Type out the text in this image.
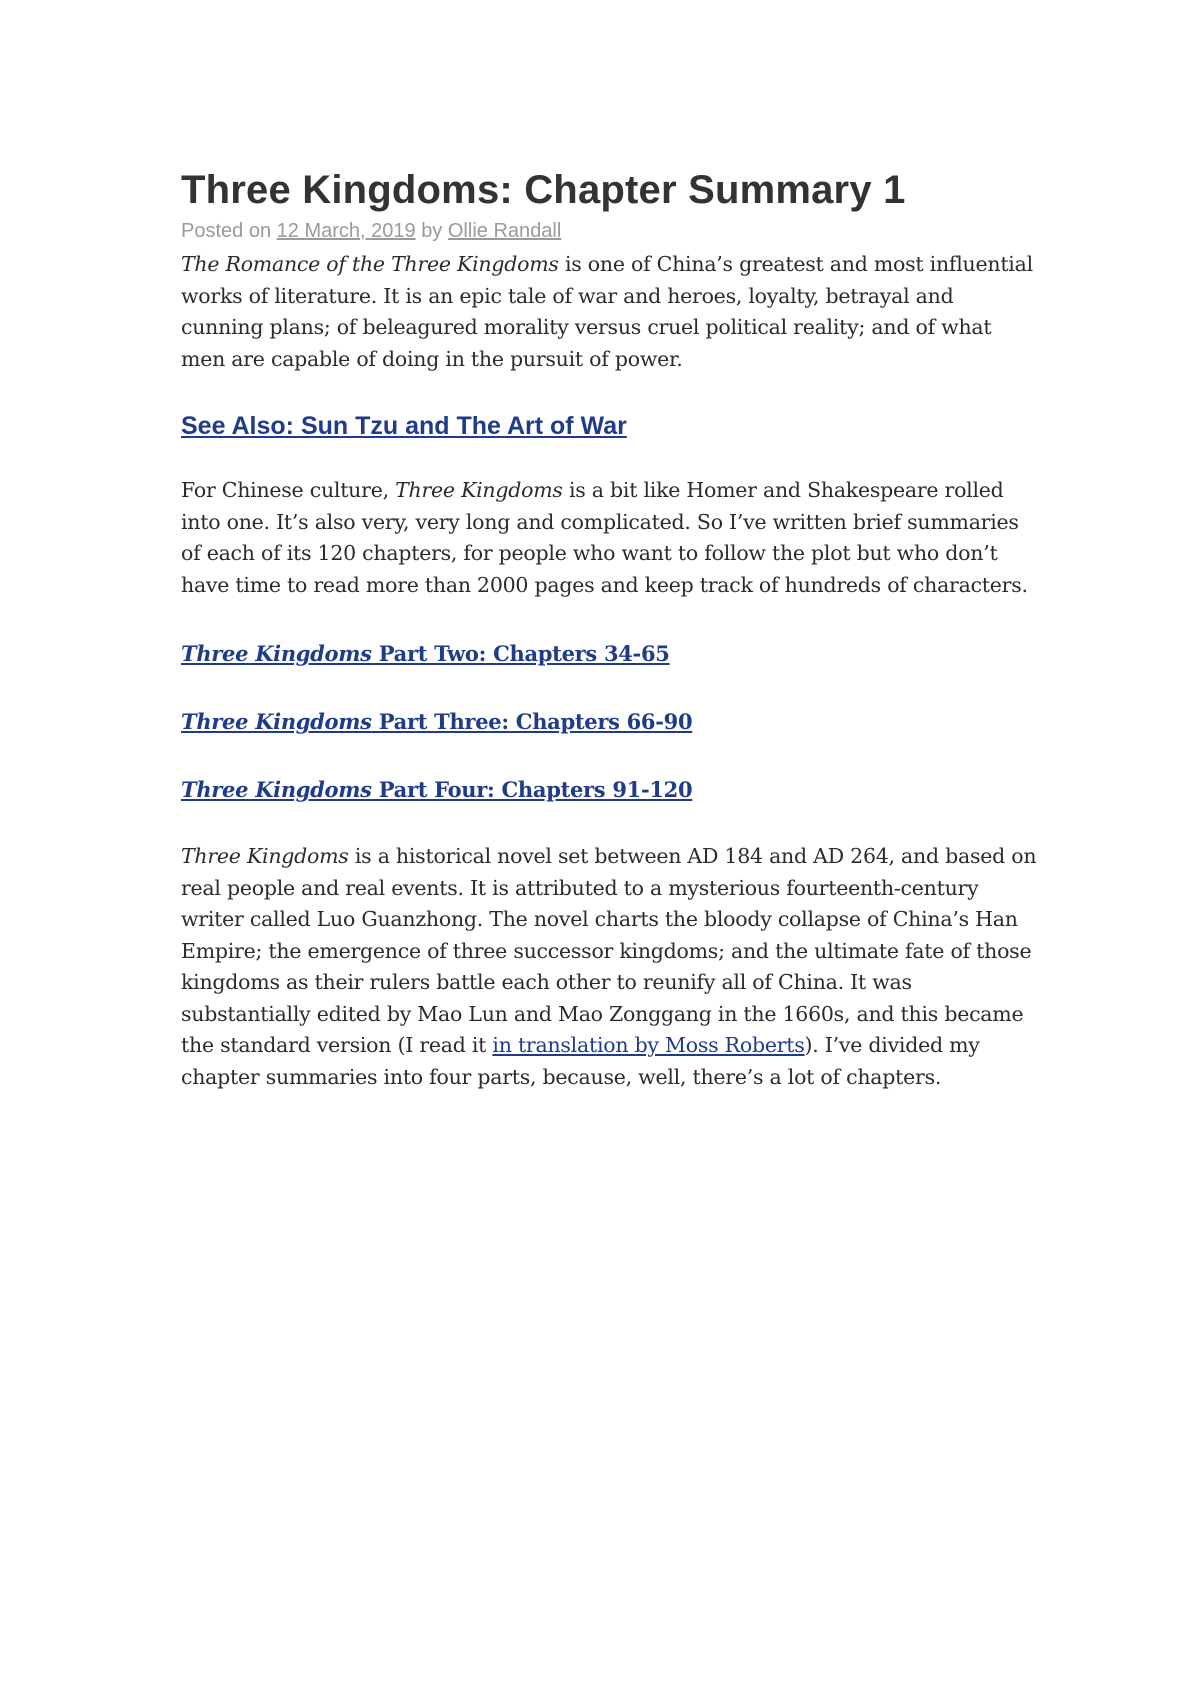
Three Kingdoms: Chapter Summary 1

Posted on 12 March, 2019 by Ollie Randall

The Romance of the Three Kingdoms is one of China’s greatest and most influential works of literature. It is an epic tale of war and heroes, loyalty, betrayal and cunning plans; of beleagured morality versus cruel political reality; and of what men are capable of doing in the pursuit of power.

See Also: Sun Tzu and The Art of War

For Chinese culture, Three Kingdoms is a bit like Homer and Shakespeare rolled into one. It’s also very, very long and complicated. So I’ve written brief summaries of each of its 120 chapters, for people who want to follow the plot but who don’t have time to read more than 2000 pages and keep track of hundreds of characters.

Three Kingdoms Part Two: Chapters 34-65
Three Kingdoms Part Three: Chapters 66-90
Three Kingdoms Part Four: Chapters 91-120

Three Kingdoms is a historical novel set between AD 184 and AD 264, and based on real people and real events. It is attributed to a mysterious fourteenth-century writer called Luo Guanzhong. The novel charts the bloody collapse of China’s Han Empire; the emergence of three successor kingdoms; and the ultimate fate of those kingdoms as their rulers battle each other to reunify all of China. It was substantially edited by Mao Lun and Mao Zonggang in the 1660s, and this became the standard version (I read it in translation by Moss Roberts). I’ve divided my chapter summaries into four parts, because, well, there’s a lot of chapters.
